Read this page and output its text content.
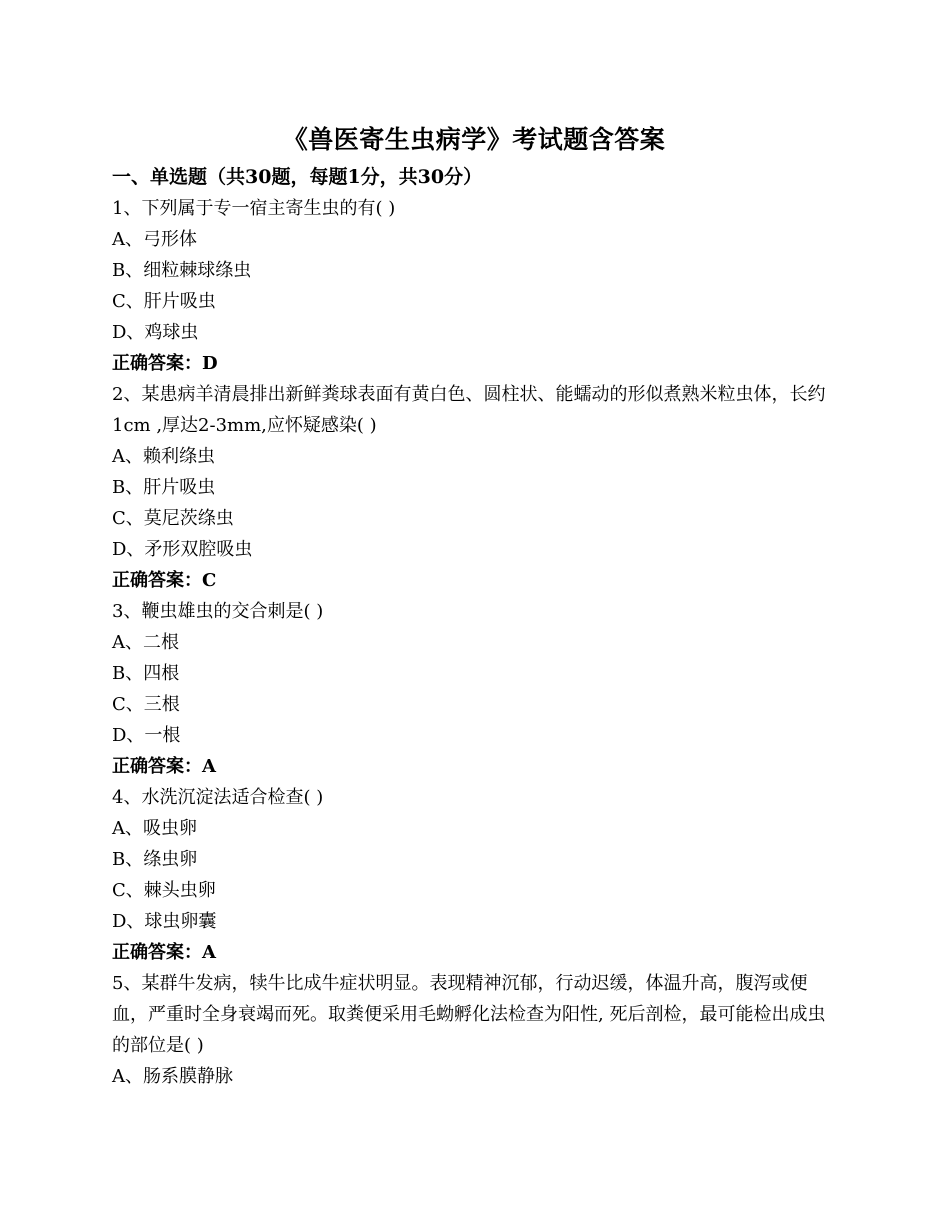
《兽医寄生虫病学》考试题含答案

一、单选题（共30题，每题1分，共30分）

1、下列属于专一宿主寄生虫的有( )

A、弓形体

B、细粒棘球绦虫

C、肝片吸虫

D、鸡球虫

正确答案：D

2、某患病羊清晨排出新鲜粪球表面有黄白色、圆柱状、能蠕动的形似煮熟米粒虫体，长约1cm ,厚达2-3mm,应怀疑感染( )

A、赖利绦虫

B、肝片吸虫

C、莫尼茨绦虫

D、矛形双腔吸虫

正确答案：C

3、鞭虫雄虫的交合刺是( )

A、二根

B、四根

C、三根

D、一根

正确答案：A

4、水洗沉淀法适合检查( )

A、吸虫卵

B、绦虫卵

C、棘头虫卵

D、球虫卵囊

正确答案：A

5、某群牛发病，犊牛比成牛症状明显。表现精神沉郁，行动迟缓，体温升高，腹泻或便血，严重时全身衰竭而死。取粪便采用毛蚴孵化法检查为阳性, 死后剖检，最可能检出成虫的部位是( )

A、肠系膜静脉
